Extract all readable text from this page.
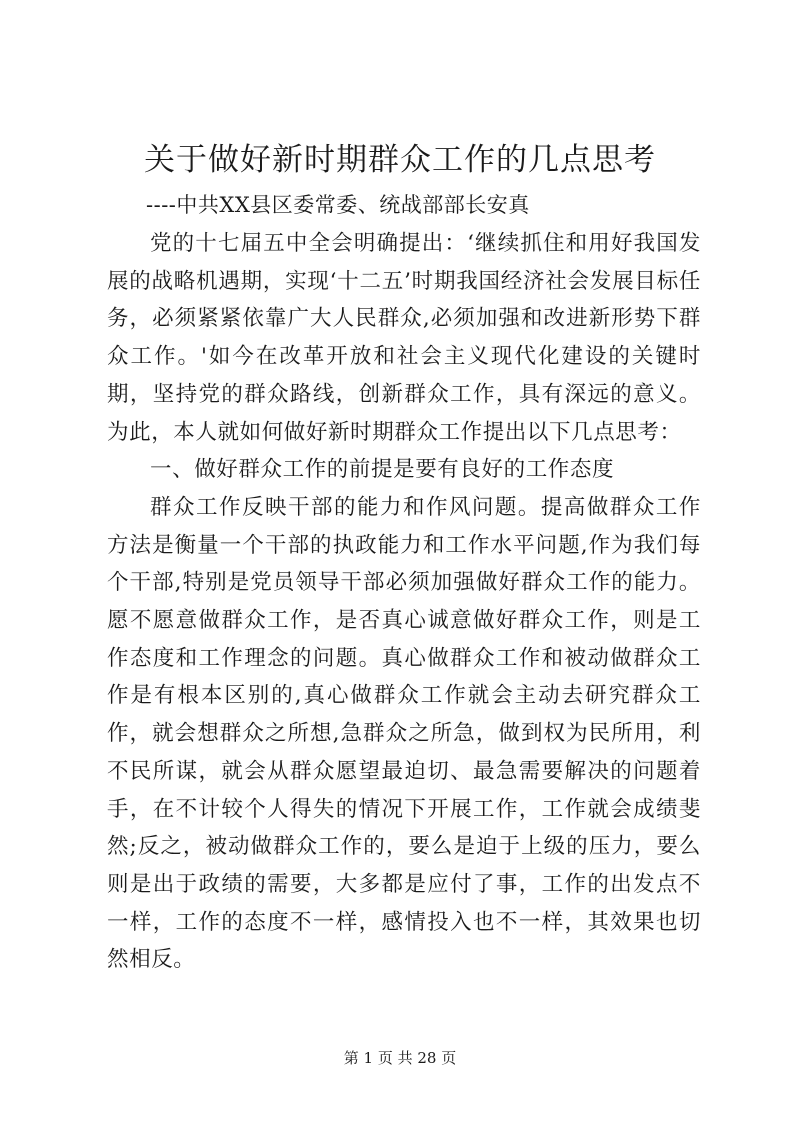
关于做好新时期群众工作的几点思考
----中共XX县区委常委、统战部部长安真

党的十七届五中全会明确提出：‘继续抓住和用好我国发展的战略机遇期，实现‘十二五’时期我国经济社会发展目标任务，必须紧紧依靠广大人民群众,必须加强和改进新形势下群众工作。'如今在改革开放和社会主义现代化建设的关键时期，坚持党的群众路线，创新群众工作，具有深远的意义。为此，本人就如何做好新时期群众工作提出以下几点思考：

一、做好群众工作的前提是要有良好的工作态度

群众工作反映干部的能力和作风问题。提高做群众工作方法是衡量一个干部的执政能力和工作水平问题,作为我们每个干部,特别是党员领导干部必须加强做好群众工作的能力。愿不愿意做群众工作，是否真心诚意做好群众工作，则是工作态度和工作理念的问题。真心做群众工作和被动做群众工作是有根本区别的,真心做群众工作就会主动去研究群众工作，就会想群众之所想,急群众之所急，做到权为民所用，利不民所谋，就会从群众愿望最迫切、最急需要解决的问题着手，在不计较个人得失的情况下开展工作，工作就会成绩斐然;反之，被动做群众工作的，要么是迫于上级的压力，要么则是出于政绩的需要，大多都是应付了事，工作的出发点不一样，工作的态度不一样，感情投入也不一样，其效果也切然相反。

第 1 页 共 28 页
